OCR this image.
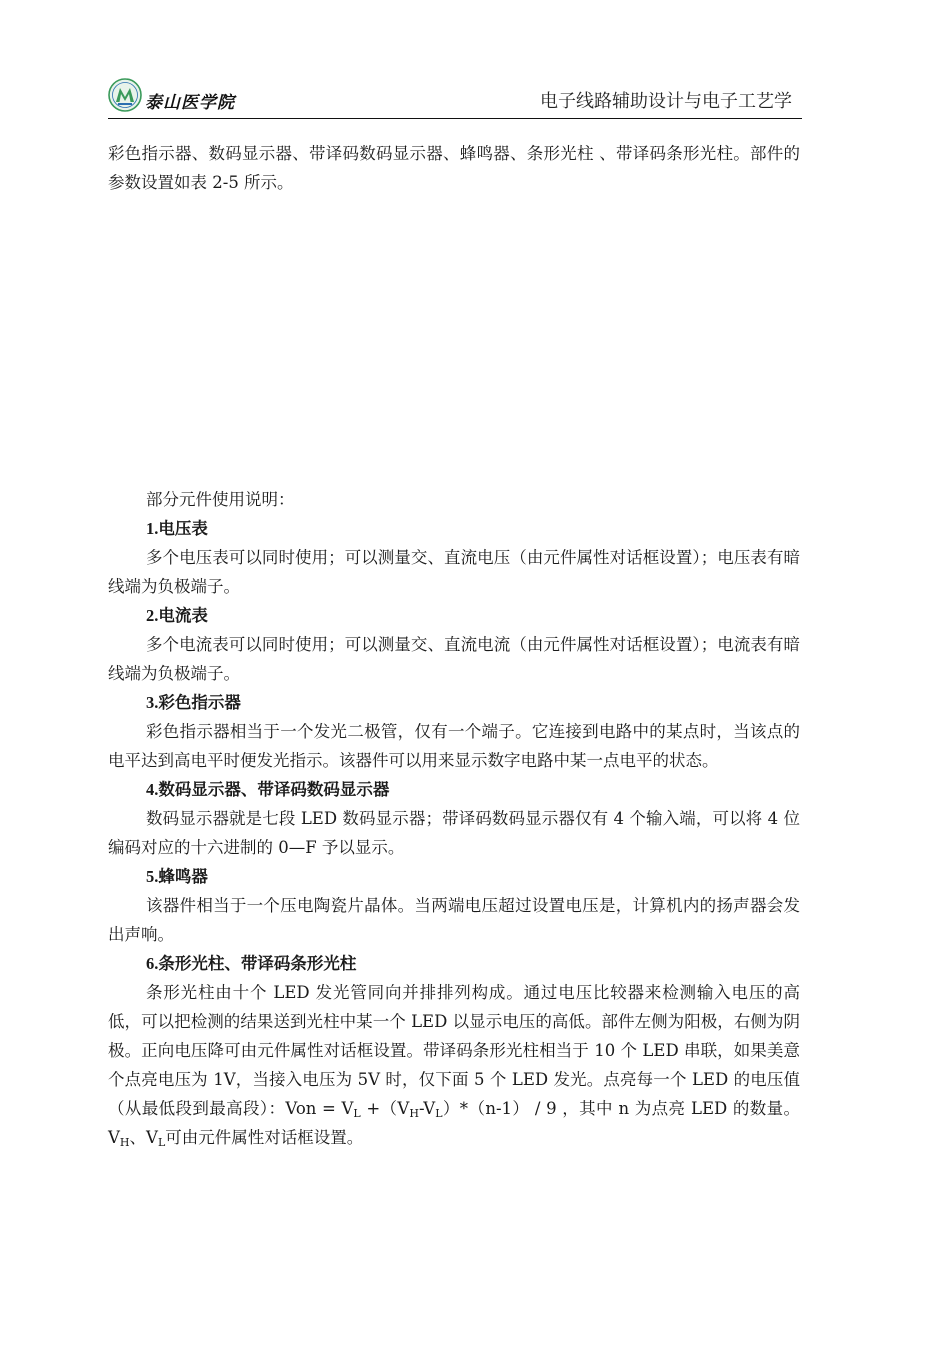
泰山医学院	电子线路辅助设计与电子工艺学

彩色指示器、数码显示器、带译码数码显示器、蜂鸣器、条形光柱 、带译码条形光柱。部件的参数设置如表 2-5 所示。

部分元件使用说明：

1.电压表

多个电压表可以同时使用；可以测量交、直流电压（由元件属性对话框设置）；电压表有暗线端为负极端子。

2.电流表

多个电流表可以同时使用；可以测量交、直流电流（由元件属性对话框设置）；电流表有暗线端为负极端子。

3.彩色指示器

彩色指示器相当于一个发光二极管，仅有一个端子。它连接到电路中的某点时，当该点的电平达到高电平时便发光指示。该器件可以用来显示数字电路中某一点电平的状态。

4.数码显示器、带译码数码显示器

数码显示器就是七段 LED 数码显示器；带译码数码显示器仅有 4 个输入端，可以将 4 位编码对应的十六进制的 0—F 予以显示。

5.蜂鸣器

该器件相当于一个压电陶瓷片晶体。当两端电压超过设置电压是，计算机内的扬声器会发出声响。

6.条形光柱、带译码条形光柱

条形光柱由十个 LED 发光管同向并排排列构成。通过电压比较器来检测输入电压的高低，可以把检测的结果送到光柱中某一个 LED 以显示电压的高低。部件左侧为阳极，右侧为阴极。正向电压降可由元件属性对话框设置。带译码条形光柱相当于 10 个 LED 串联，如果美意个点亮电压为 1V，当接入电压为 5V 时，仅下面 5 个 LED 发光。点亮每一个 LED 的电压值（从最低段到最高段）：Von = $V_L +(V_H-V_L)*(n-1) / 9$ ，其中 n 为点亮 LED 的数量。$V_H$、$V_L$可由元件属性对话框设置。
